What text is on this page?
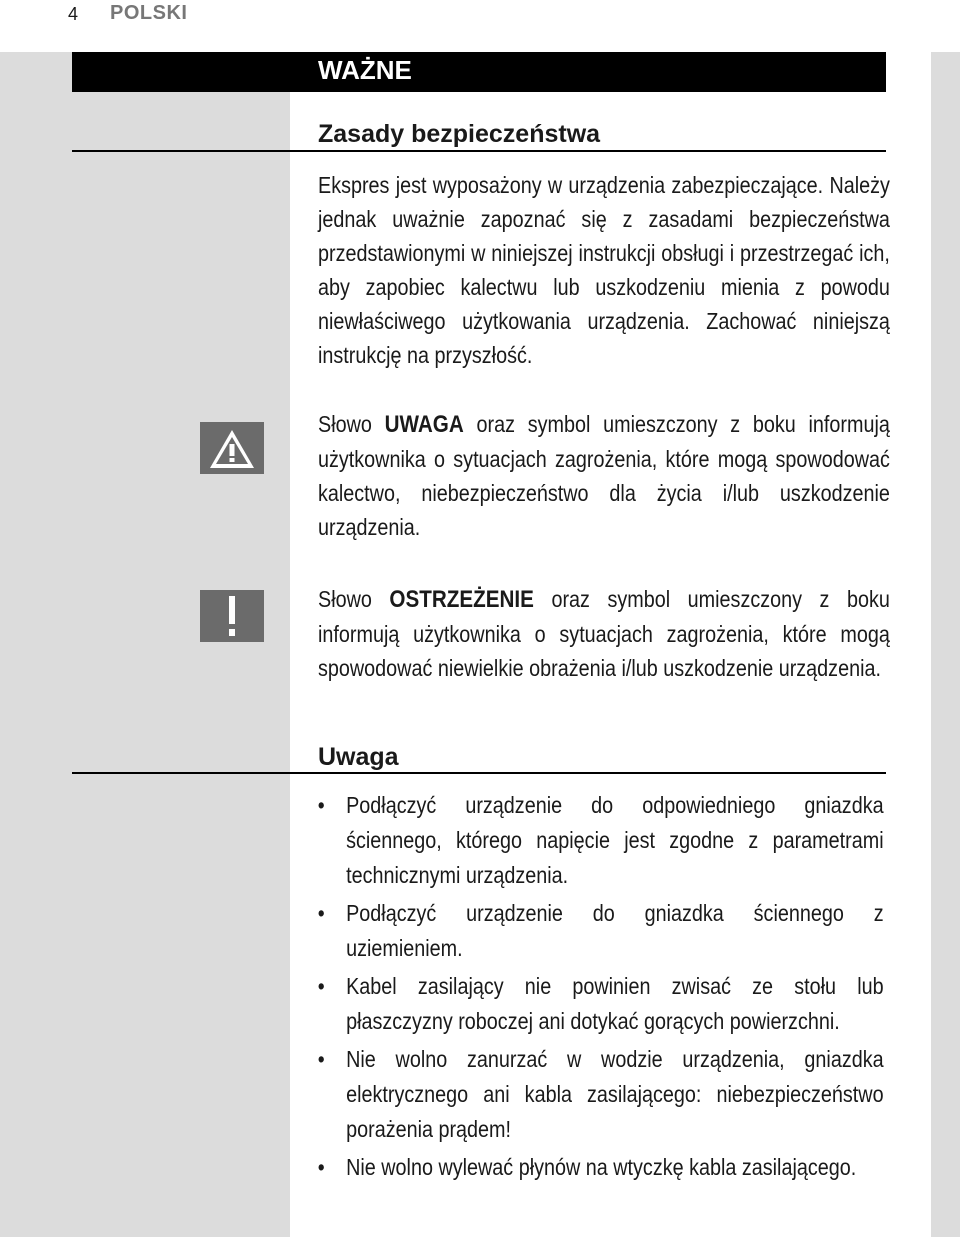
4 POLSKI
WAŻNE
Zasady bezpieczeństwa

Ekspres jest wyposażony w urządzenia zabezpieczające. Należy jednak uważnie zapoznać się z zasadami bezpieczeństwa przedstawionymi w niniejszej instrukcji obsługi i przestrzegać ich, aby zapobiec kalectwu lub uszkodzeniu mienia z powodu niewłaściwego użytkowania urządzenia. Zachować niniejszą instrukcję na przyszłość.

Słowo UWAGA oraz symbol umieszczony z boku informują użytkownika o sytuacjach zagrożenia, które mogą spowodować kalectwo, niebezpieczeństwo dla życia i/lub uszkodzenie urządzenia.

Słowo OSTRZEŻENIE oraz symbol umieszczony z boku informują użytkownika o sytuacjach zagrożenia, które mogą spowodować niewielkie obrażenia i/lub uszkodzenie urządzenia.

Uwaga
• Podłączyć urządzenie do odpowiedniego gniazdka ściennego, którego napięcie jest zgodne z parametrami technicznymi urządzenia.
• Podłączyć urządzenie do gniazdka ściennego z uziemieniem.
• Kabel zasilający nie powinien zwisać ze stołu lub płaszczyzny roboczej ani dotykać gorących powierzchni.
• Nie wolno zanurzać w wodzie urządzenia, gniazdka elektrycznego ani kabla zasilającego: niebezpieczeństwo porażenia prądem!
• Nie wolno wylewać płynów na wtyczkę kabla zasilającego.
